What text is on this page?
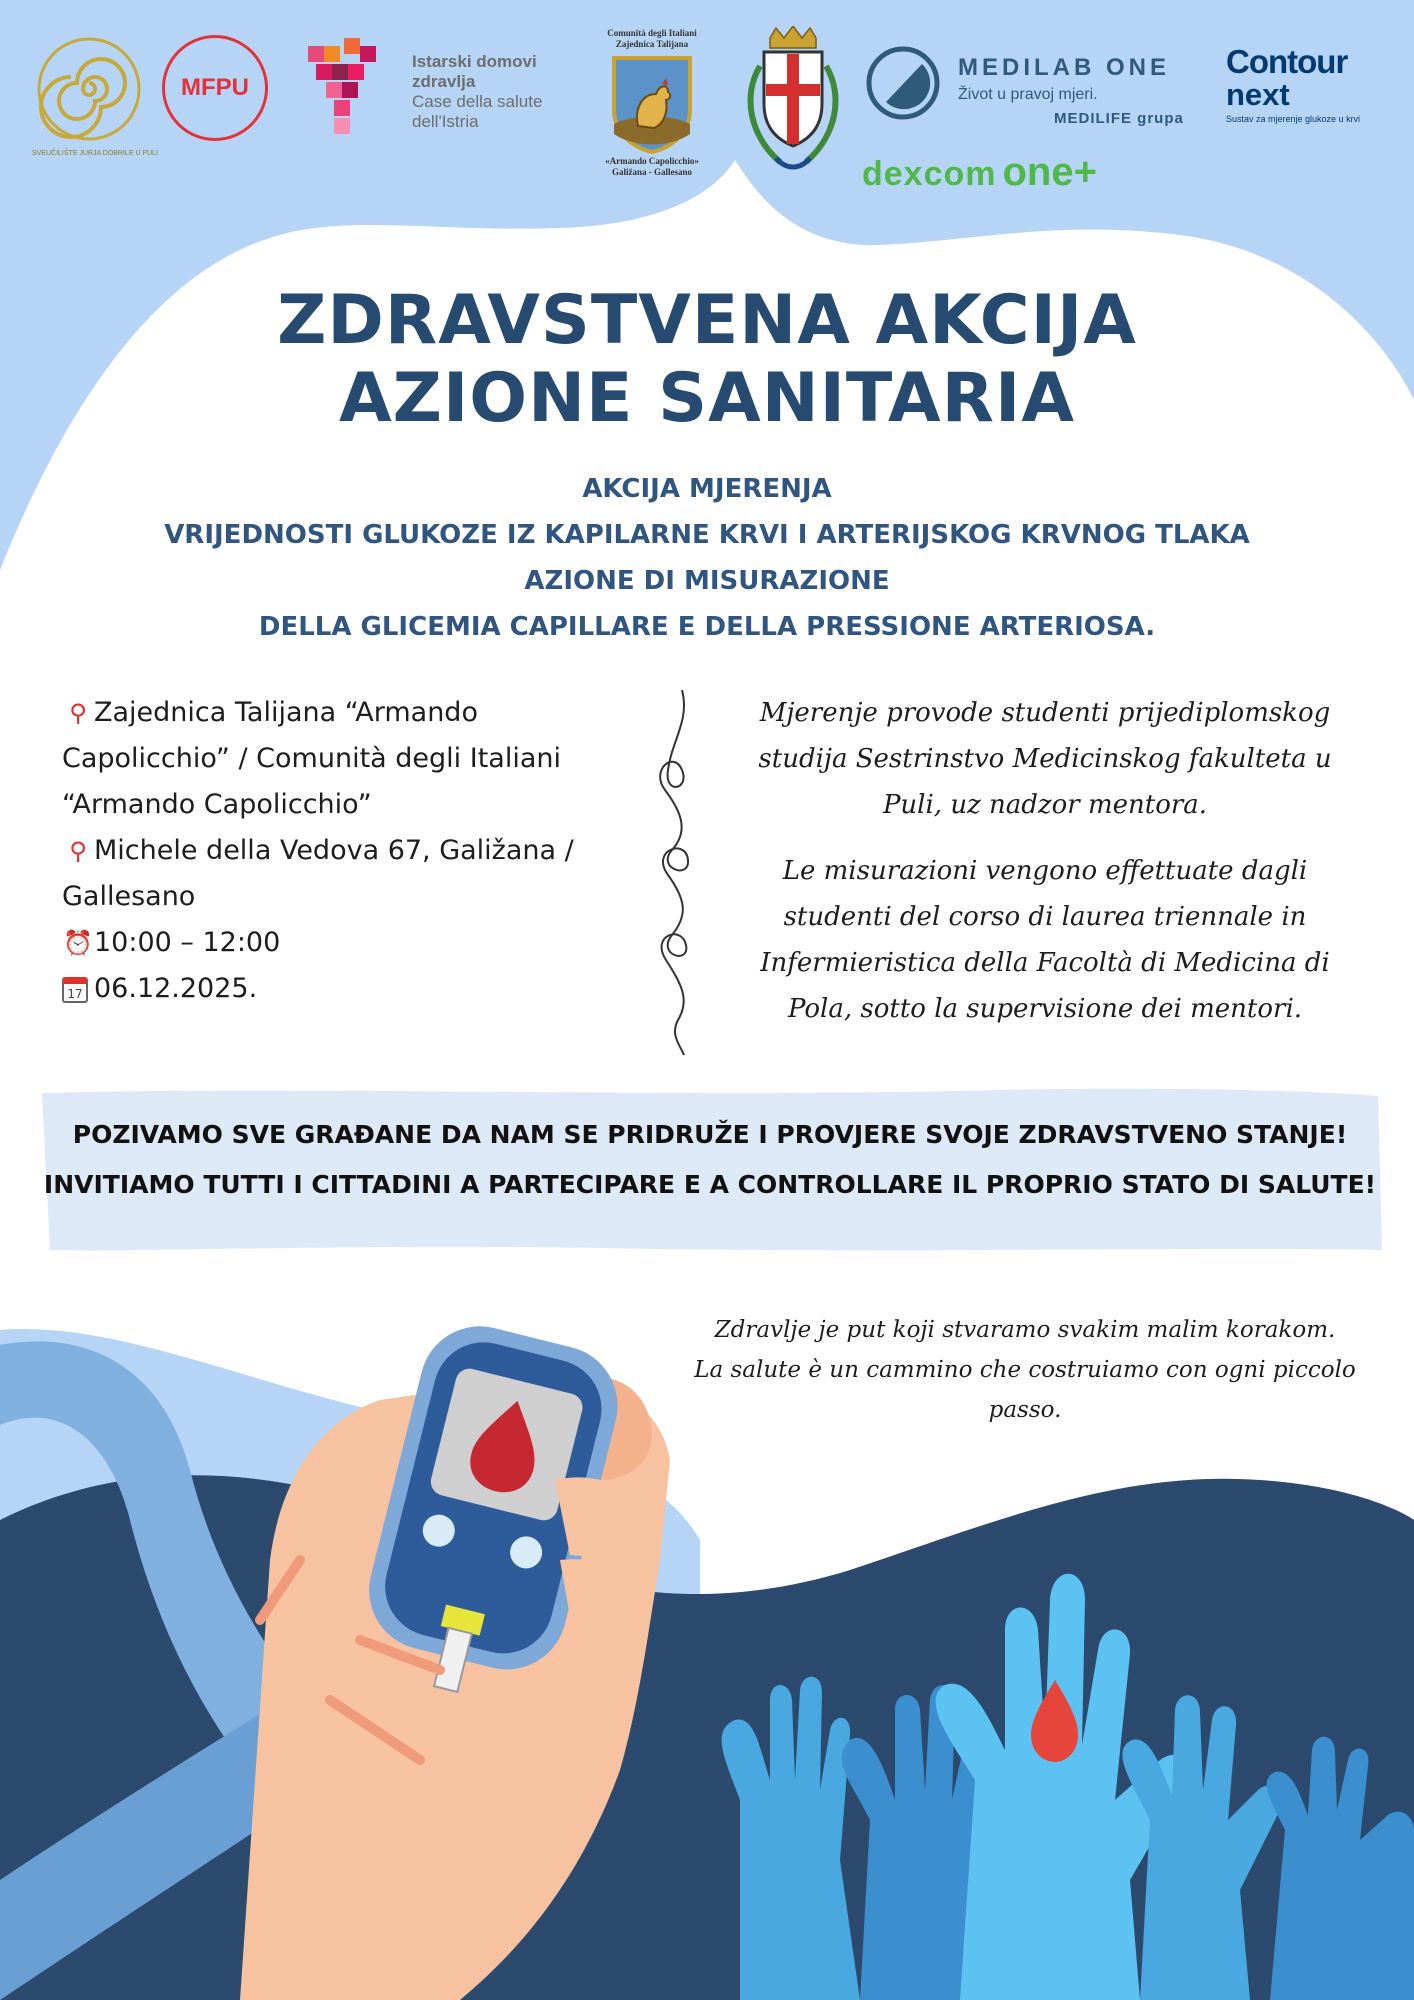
MFPU
Istarski domovi
zdravlja
Case della salute
dell'Istria
Comunità degli Italiani
Zajednica Talijana
«Armando Capolicchio»
Galižana - Gallesano
MEDILAB ONE
Život u pravoj mjeri.
MEDILIFE grupa
Contour
next
Sustav za mjerenje glukoze u krvi
dexcom one+
ZDRAVSTVENA AKCIJA
AZIONE SANITARIA
AKCIJA MJERENJA
VRIJEDNOSTI GLUKOZE IZ KAPILARNE KRVI I ARTERIJSKOG KRVNOG TLAKA
AZIONE DI MISURAZIONE
DELLA GLICEMIA CAPILLARE E DELLA PRESSIONE ARTERIOSA.
⚲ Zajednica Talijana “Armando
Capolicchio” / Comunità degli Italiani
“Armando Capolicchio”
⚲ Michele della Vedova 67, Galižana /
Gallesano
⏰10:00 – 12:00
17 06.12.2025.

Mjerenje provode studenti prijediplomskog studija Sestrinstvo Medicinskog fakulteta u Puli, uz nadzor mentora.

Le misurazioni vengono effettuate dagli studenti del corso di laurea triennale in Infermieristica della Facoltà di Medicina di Pola, sotto la supervisione dei mentori.

POZIVAMO SVE GRAĐANE DA NAM SE PRIDRUŽE I PROVJERE SVOJE ZDRAVSTVENO STANJE!
INVITIAMO TUTTI I CITTADINI A PARTECIPARE E A CONTROLLARE IL PROPRIO STATO DI SALUTE!
Zdravlje je put koji stvaramo svakim malim korakom.
La salute è un cammino che costruiamo con ogni piccolo passo.
SVEUČILIŠTE JURJA DOBRILE U PULI
JUL
